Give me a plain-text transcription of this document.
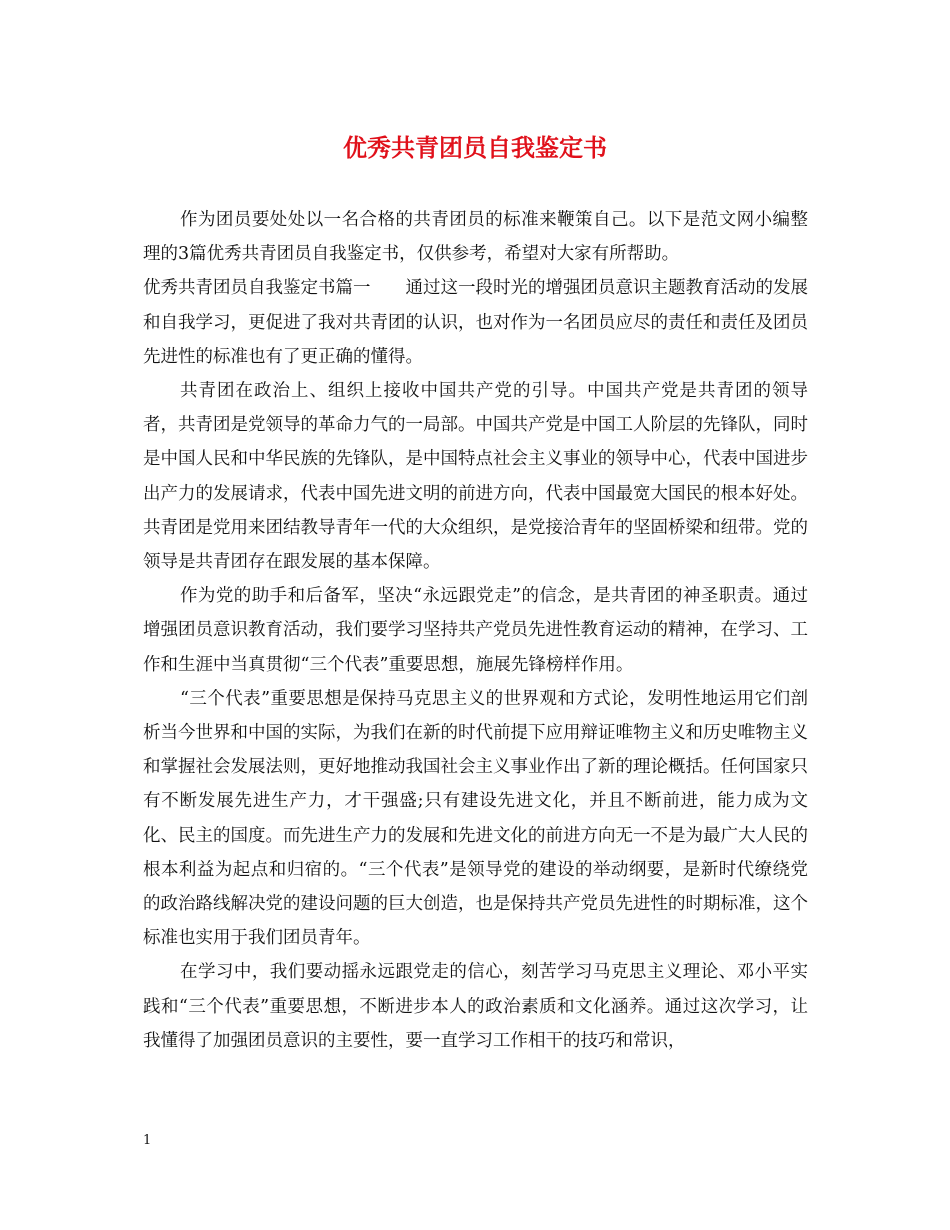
优秀共青团员自我鉴定书

作为团员要处处以一名合格的共青团员的标准来鞭策自己。以下是范文网小编整理的3篇优秀共青团员自我鉴定书，仅供参考，希望对大家有所帮助。

优秀共青团员自我鉴定书篇一　　通过这一段时光的增强团员意识主题教育活动的发展和自我学习，更促进了我对共青团的认识，也对作为一名团员应尽的责任和责任及团员先进性的标准也有了更正确的懂得。

共青团在政治上、组织上接收中国共产党的引导。中国共产党是共青团的领导者，共青团是党领导的革命力气的一局部。中国共产党是中国工人阶层的先锋队，同时是中国人民和中华民族的先锋队，是中国特点社会主义事业的领导中心，代表中国进步出产力的发展请求，代表中国先进文明的前进方向，代表中国最宽大国民的根本好处。共青团是党用来团结教导青年一代的大众组织，是党接洽青年的坚固桥梁和纽带。党的领导是共青团存在跟发展的基本保障。

作为党的助手和后备军，坚决“永远跟党走”的信念，是共青团的神圣职责。通过增强团员意识教育活动，我们要学习坚持共产党员先进性教育运动的精神，在学习、工作和生涯中当真贯彻“三个代表”重要思想，施展先锋榜样作用。

“三个代表”重要思想是保持马克思主义的世界观和方式论，发明性地运用它们剖析当今世界和中国的实际，为我们在新的时代前提下应用辩证唯物主义和历史唯物主义和掌握社会发展法则，更好地推动我国社会主义事业作出了新的理论概括。任何国家只有不断发展先进生产力，才干强盛;只有建设先进文化，并且不断前进，能力成为文化、民主的国度。而先进生产力的发展和先进文化的前进方向无一不是为最广大人民的根本利益为起点和归宿的。“三个代表”是领导党的建设的举动纲要，是新时代缭绕党的政治路线解决党的建设问题的巨大创造，也是保持共产党员先进性的时期标准，这个标准也实用于我们团员青年。

在学习中，我们要动摇永远跟党走的信心，刻苦学习马克思主义理论、邓小平实践和“三个代表”重要思想，不断进步本人的政治素质和文化涵养。通过这次学习，让我懂得了加强团员意识的主要性，要一直学习工作相干的技巧和常识，

1
